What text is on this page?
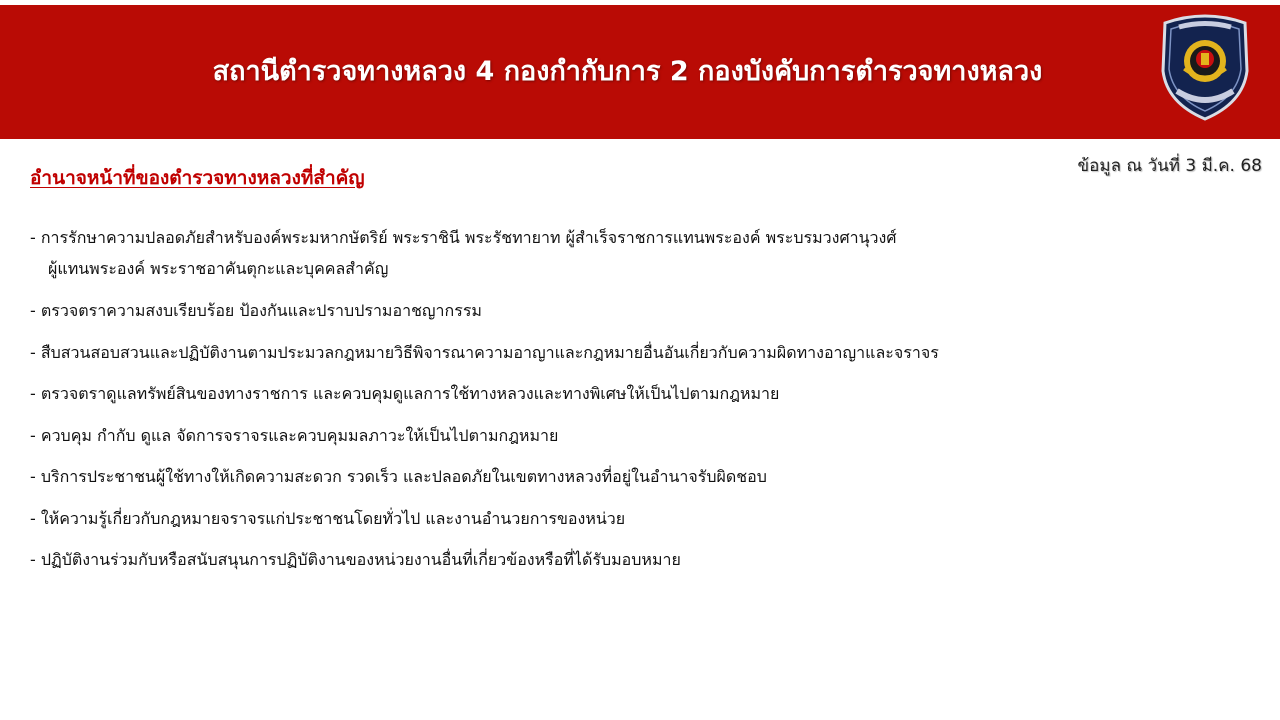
สถานีตำรวจทางหลวง 4 กองกำกับการ 2 กองบังคับการตำรวจทางหลวง
ข้อมูล ณ วันที่ 3 มี.ค. 68
อำนาจหน้าที่ของตำรวจทางหลวงที่สำคัญ
- การรักษาความปลอดภัยสำหรับองค์พระมหากษัตริย์ พระราชินี พระรัชทายาท ผู้สำเร็จราชการแทนพระองค์ พระบรมวงศานุวงศ์
ผู้แทนพระองค์ พระราชอาคันตุกะและบุคคลสำคัญ
- ตรวจตราความสงบเรียบร้อย ป้องกันและปราบปรามอาชญากรรม
- สืบสวนสอบสวนและปฏิบัติงานตามประมวลกฎหมายวิธีพิจารณาความอาญาและกฎหมายอื่นอันเกี่ยวกับความผิดทางอาญาและจราจร
- ตรวจตราดูแลทรัพย์สินของทางราชการ และควบคุมดูแลการใช้ทางหลวงและทางพิเศษให้เป็นไปตามกฎหมาย
- ควบคุม กำกับ ดูแล จัดการจราจรและควบคุมมลภาวะให้เป็นไปตามกฎหมาย
- บริการประชาชนผู้ใช้ทางให้เกิดความสะดวก รวดเร็ว และปลอดภัยในเขตทางหลวงที่อยู่ในอำนาจรับผิดชอบ
- ให้ความรู้เกี่ยวกับกฎหมายจราจรแก่ประชาชนโดยทั่วไป และงานอำนวยการของหน่วย
- ปฏิบัติงานร่วมกับหรือสนับสนุนการปฏิบัติงานของหน่วยงานอื่นที่เกี่ยวข้องหรือที่ได้รับมอบหมาย
